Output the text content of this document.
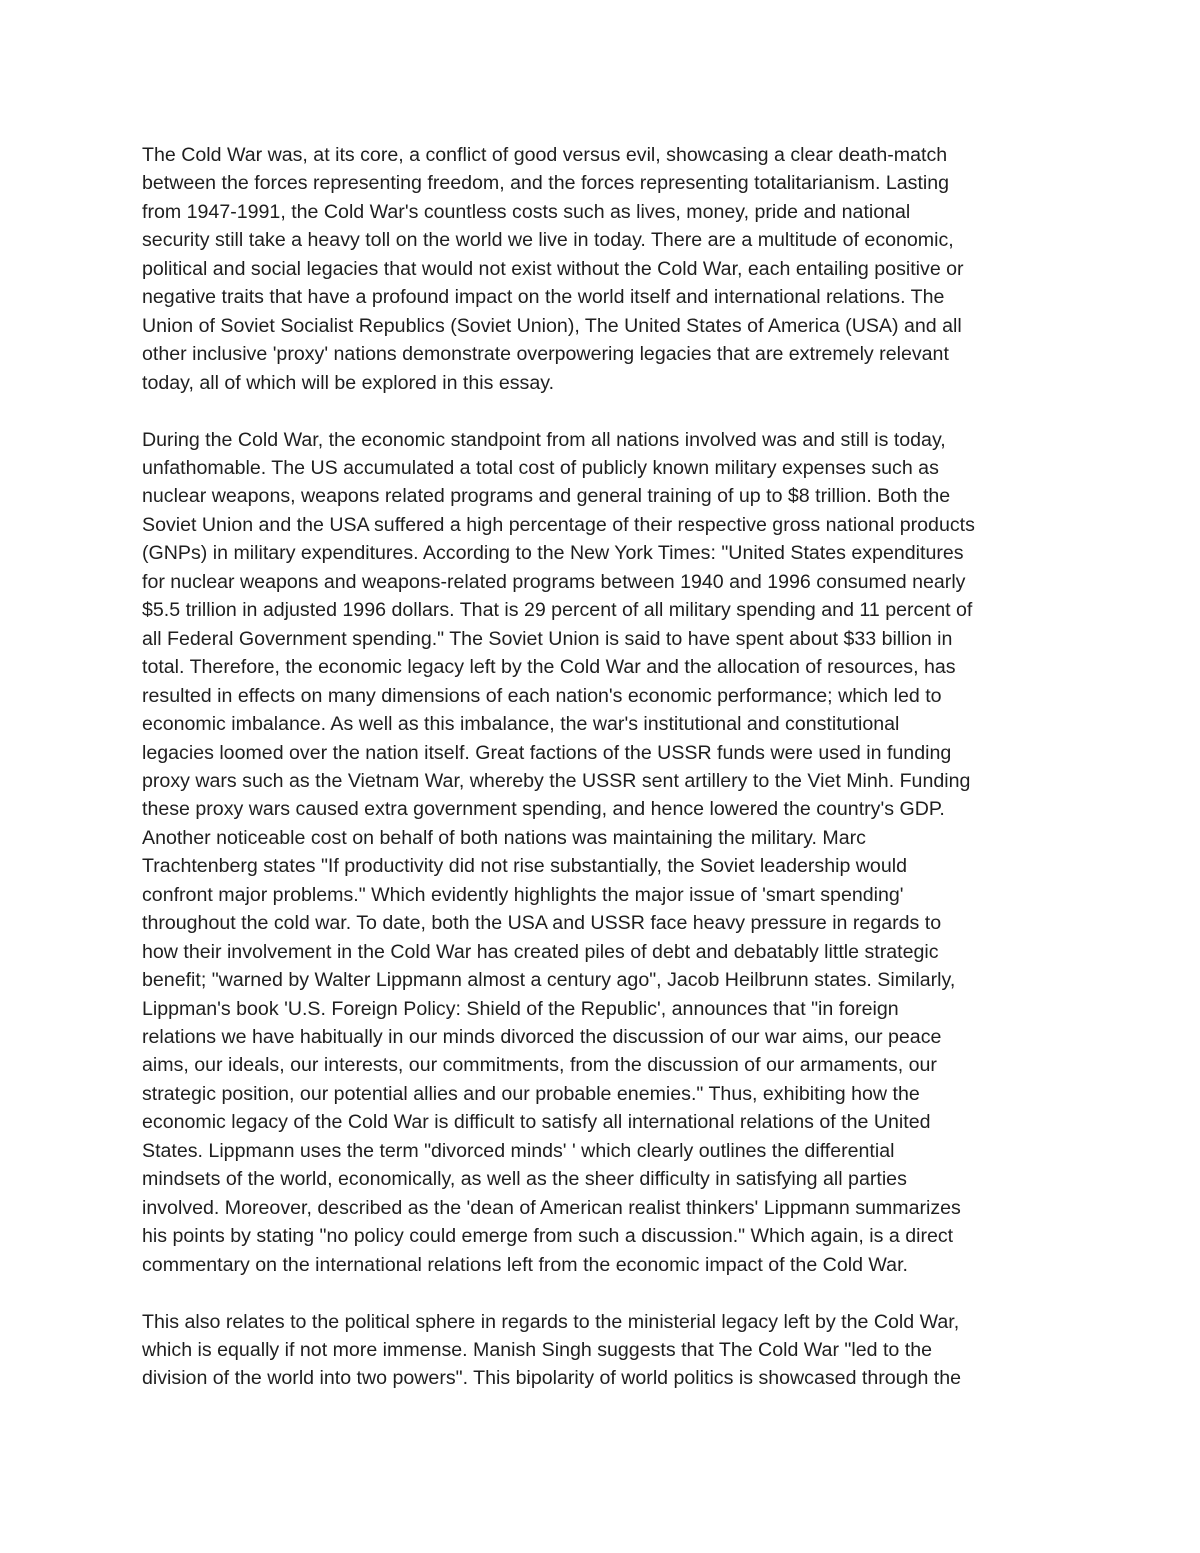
The Cold War was, at its core, a conflict of good versus evil, showcasing a clear death-match
between the forces representing freedom, and the forces representing totalitarianism. Lasting
from 1947-1991, the Cold War's countless costs such as lives, money, pride and national
security still take a heavy toll on the world we live in today. There are a multitude of economic,
political and social legacies that would not exist without the Cold War, each entailing positive or
negative traits that have a profound impact on the world itself and international relations. The
Union of Soviet Socialist Republics (Soviet Union), The United States of America (USA) and all
other inclusive 'proxy' nations demonstrate overpowering legacies that are extremely relevant
today, all of which will be explored in this essay.

During the Cold War, the economic standpoint from all nations involved was and still is today,
unfathomable. The US accumulated a total cost of publicly known military expenses such as
nuclear weapons, weapons related programs and general training of up to $8 trillion. Both the
Soviet Union and the USA suffered a high percentage of their respective gross national products
(GNPs) in military expenditures. According to the New York Times: "United States expenditures
for nuclear weapons and weapons-related programs between 1940 and 1996 consumed nearly
$5.5 trillion in adjusted 1996 dollars. That is 29 percent of all military spending and 11 percent of
all Federal Government spending." The Soviet Union is said to have spent about $33 billion in
total. Therefore, the economic legacy left by the Cold War and the allocation of resources, has
resulted in effects on many dimensions of each nation's economic performance; which led to
economic imbalance. As well as this imbalance, the war's institutional and constitutional
legacies loomed over the nation itself. Great factions of the USSR funds were used in funding
proxy wars such as the Vietnam War, whereby the USSR sent artillery to the Viet Minh. Funding
these proxy wars caused extra government spending, and hence lowered the country's GDP.
Another noticeable cost on behalf of both nations was maintaining the military. Marc
Trachtenberg states "If productivity did not rise substantially, the Soviet leadership would
confront major problems." Which evidently highlights the major issue of 'smart spending'
throughout the cold war. To date, both the USA and USSR face heavy pressure in regards to
how their involvement in the Cold War has created piles of debt and debatably little strategic
benefit; "warned by Walter Lippmann almost a century ago", Jacob Heilbrunn states. Similarly,
Lippman's book 'U.S. Foreign Policy: Shield of the Republic', announces that "in foreign
relations we have habitually in our minds divorced the discussion of our war aims, our peace
aims, our ideals, our interests, our commitments, from the discussion of our armaments, our
strategic position, our potential allies and our probable enemies." Thus, exhibiting how the
economic legacy of the Cold War is difficult to satisfy all international relations of the United
States. Lippmann uses the term "divorced minds' ' which clearly outlines the differential
mindsets of the world, economically, as well as the sheer difficulty in satisfying all parties
involved. Moreover, described as the 'dean of American realist thinkers' Lippmann summarizes
his points by stating "no policy could emerge from such a discussion." Which again, is a direct
commentary on the international relations left from the economic impact of the Cold War.

This also relates to the political sphere in regards to the ministerial legacy left by the Cold War,
which is equally if not more immense. Manish Singh suggests that The Cold War "led to the
division of the world into two powers". This bipolarity of world politics is showcased through the
